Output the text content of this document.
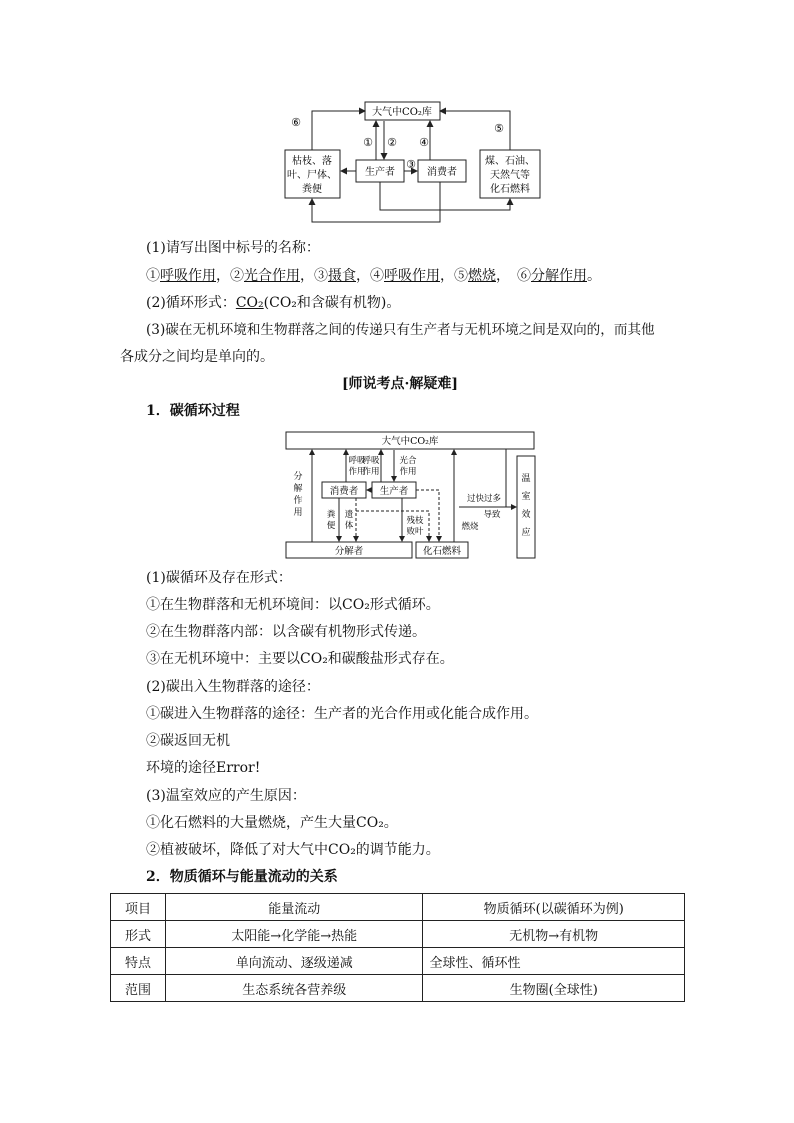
大气中CO₂库
生产者	消费者
枯枝、落
叶、尸体、
粪便
煤、石油、
天然气等
化石燃料
⑥
① ②
③
④
⑤
(1)请写出图中标号的名称：
①呼吸作用，②光合作用，③摄食，④呼吸作用，⑤燃烧，　⑥分解作用。
(2)循环形式：CO₂(CO₂和含碳有机物)。
(3)碳在无机环境和生物群落之间的传递只有生产者与无机环境之间是双向的，而其他
各成分之间均是单向的。
[师说考点·解疑难]
1．碳循环过程
大气中CO₂库
消费者 生产者
分解者	化石燃料
分
解
作
用
呼吸
作用
呼吸
作用
光合
作用
粪
便
遗
体	残枝
败叶
过快过多
导致
燃烧
温
室
效
应
(1)碳循环及存在形式：
①在生物群落和无机环境间：以CO₂形式循环。
②在生物群落内部：以含碳有机物形式传递。
③在无机环境中：主要以CO₂和碳酸盐形式存在。
(2)碳出入生物群落的途径：
①碳进入生物群落的途径：生产者的光合作用或化能合成作用。
②碳返回无机
环境的途径Error!
(3)温室效应的产生原因：
①化石燃料的大量燃烧，产生大量CO₂。
②植被破坏，降低了对大气中CO₂的调节能力。
2．物质循环与能量流动的关系
项目	能量流动	物质循环(以碳循环为例)
形式	太阳能→化学能→热能	无机物→有机物
特点	单向流动、逐级递减	全球性、循环性
范围	生态系统各营养级	生物圈(全球性)
